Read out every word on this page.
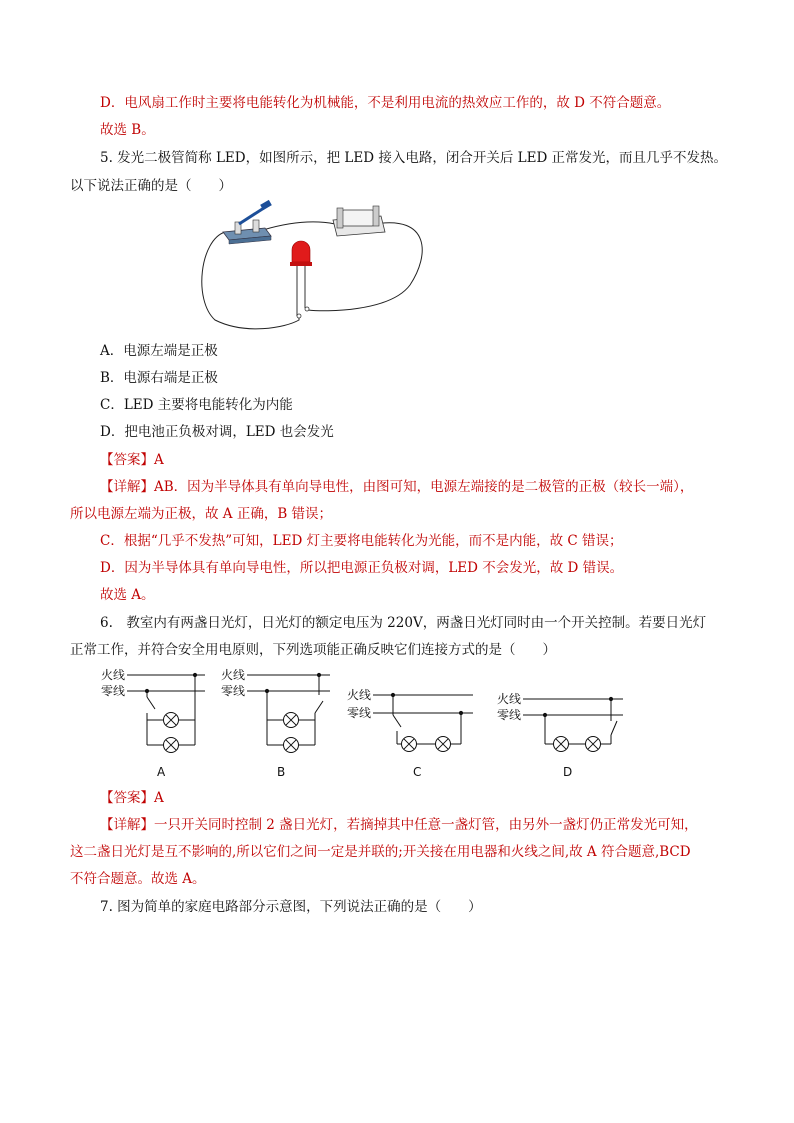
D．电风扇工作时主要将电能转化为机械能，不是利用电流的热效应工作的，故 D 不符合题意。
故选 B。
5. 发光二极管简称 LED，如图所示，把 LED 接入电路，闭合开关后 LED 正常发光，而且几乎不发热。
以下说法正确的是（　　）
A．电源左端是正极
B．电源右端是正极
C．LED 主要将电能转化为内能
D．把电池正负极对调，LED 也会发光
【答案】A
【详解】AB．因为半导体具有单向导电性，由图可知，电源左端接的是二极管的正极（较长一端），
所以电源左端为正极，故 A 正确，B 错误；
C．根据“几乎不发热”可知，LED 灯主要将电能转化为光能，而不是内能，故 C 错误；
D．因为半导体具有单向导电性，所以把电源正负极对调，LED 不会发光，故 D 错误。
故选 A。
6.　教室内有两盏日光灯，日光灯的额定电压为 220V，两盏日光灯同时由一个开关控制。若要日光灯
正常工作，并符合安全用电原则，下列选项能正确反映它们连接方式的是（　　）
火线
零线
A
火线
零线
B
火线
零线
C
火线
零线
D
【答案】A
【详解】一只开关同时控制 2 盏日光灯，若摘掉其中任意一盏灯管，由另外一盏灯仍正常发光可知，
这二盏日光灯是互不影响的,所以它们之间一定是并联的;开关接在用电器和火线之间,故 A 符合题意,BCD
不符合题意。故选 A。
7. 图为简单的家庭电路部分示意图，下列说法正确的是（　　）
